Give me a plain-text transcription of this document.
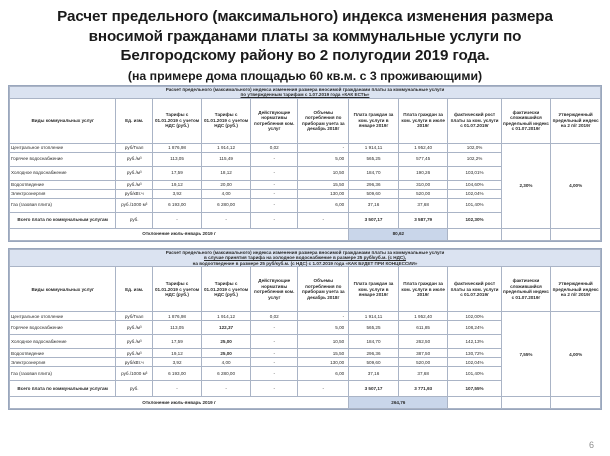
Расчет предельного (максимального) индекса изменения размера
вносимой гражданами платы за коммунальные услуги по
Белгородскому району во 2 полугодии 2019 года.
(на примере дома площадью 60 кв.м. с 3 проживающими)
Расчет предельного (максимального) индекса изменения размера вносимой гражданами платы за коммунальные услуги
по утвержденным тарифам с 1.07.2019 года «КАК ЕСТЬ»										

Виды коммунальных услуг	Ед. изм.	Тарифы с 01.01.2019 с учетом НДС (руб.)	Тарифы с 01.01.2019 с учетом НДС (руб.)	Действующие нормативы потребления ком. услуг	Объемы потребления по приборам учета за декабрь 2018г	Плата граждан за ком. услуги в январе 2019г	Плата граждан за ком. услуги в июле 2019г	фактический рост платы за ком. услуги с 01.07.2019г	фактически сложившийся предельный индекс с 01.07.2019г	Утвержденный предельный индекс на 2 п/г 2019г
Центральное отопление	руб/Гкал	1 876,98	1 914,12	0,02	-	1 914,11	1 952,40	102,0%	2,30%	4,00%
Горячее водоснабжение	руб./м³	113,05	115,49	-	5,00	565,25	577,45	102,2%		
Холодное водоснабжение	руб./м³	17,59	18,12	-	10,50	184,70	190,26	103,01%		
Водоотведение	руб./м³	19,12	20,00	-	15,50	296,36	310,00	104,60%		
Электроэнергия	руб/кВт.ч	3,92	4,00	-	130,00	509,60	520,00	102,04%		
Газ (газовая плита)	руб./1000 м³	6 193,00	6 280,00	-	6,00	37,16	37,68	101,40%		
Всего плата по коммунальным услугам	руб.	-	-	-	-	3 507,17	3 587,79	102,30%		
Отклонение июль-январь 2019 г						80,62				
Расчет предельного (максимального) индекса изменения размера вносимой гражданами платы за коммунальные услуги
в случае принятия тарифа на холодное водоснабжение в размере 25 руб/куб.м. (с НДС),
на водоотведение в размере 25 руб/куб.м. (с НДС) с 1.07.2019 года «КАК БУДЕТ ПРИ КОНЦЕССИИ»										

Виды коммунальных услуг	Ед. изм.	Тарифы с 01.01.2019 с учетом НДС (руб.)	Тарифы с 01.01.2019 с учетом НДС (руб.)	Действующие нормативы потребления ком. услуг	Объемы потребления по приборам учета за декабрь 2018г	Плата граждан за ком. услуги в январе 2019г	Плата граждан за ком. услуги в июле 2019г	фактический рост платы за ком. услуги с 01.07.2019г	фактически сложившийся предельный индекс с 01.07.2019г	Утвержденный предельный индекс на 2 п/г 2019г
Центральное отопление	руб/Гкал	1 876,98	1 914,12	0,02	-	1 914,11	1 952,40	102,00%	7,55%	4,00%
Горячее водоснабжение	руб./м³	113,05	122,37	-	5,00	565,25	611,85	108,24%		
Холодное водоснабжение	руб./м³	17,59	25,00	-	10,50	184,70	262,50	142,13%		
Водоотведение	руб./м³	19,12	25,00	-	15,50	296,36	387,50	130,72%		
Электроэнергия	руб/кВт.ч	3,92	4,00	-	130,00	509,60	520,00	102,04%		
Газ (газовая плита)	руб./1000 м³	6 193,00	6 280,00	-	6,00	37,16	37,68	101,40%		
Всего плата по коммунальным услугам	руб.	-	-	-	-	3 507,17	3 771,93	107,55%		
Отклонение июль-январь 2019 г						264,76				
6
